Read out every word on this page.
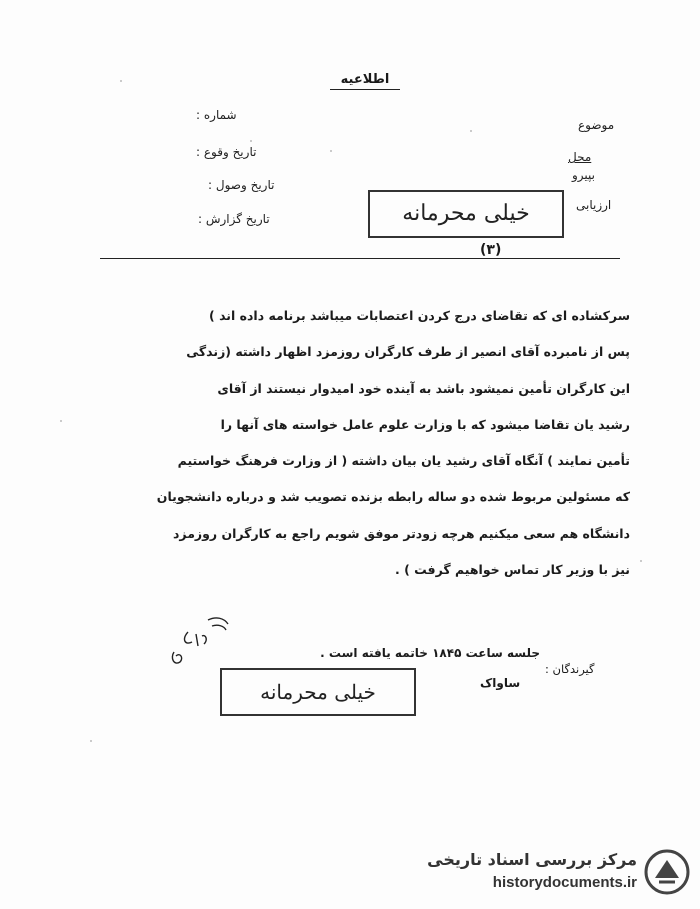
اطلاعیه
شماره :
تاریخ وقوع :
تاریخ وصول :
تاریخ گزارش :
موضوع
محل
بپیرو
ارزیابی
خیلی محرمانه
(۳)
سرکشاده ای که تقاضای درج کردن اعتصابات میباشد برنامه داده اند )
پس از نامبرده آقای انصیر از طرف کارگران روزمزد اظهار داشته (زندگی
این کارگران تأمین نمیشود باشد به آینده خود امیدوار نیستند از آقای
رشید یان تقاضا میشود که با وزارت علوم عامل خواسته های آنها را
تأمین نمایند ) آنگاه آقای رشید یان بیان داشته ( از وزارت فرهنگ خواستیم
که مسئولین مربوط شده دو ساله رابطه بزنده تصویب شد و درباره دانشجویان
دانشگاه هم سعی میکنیم هرچه زودتر موفق شویم راجع به کارگران روزمزد
نیز با وزیر کار تماس خواهیم گرفت ) .
جلسه ساعت ۱۸۴۵ خاتمه یافته است .
گیرندگان :
ساواک
خیلی محرمانه
مرکز بررسی اسناد تاریخی
historydocuments.ir
